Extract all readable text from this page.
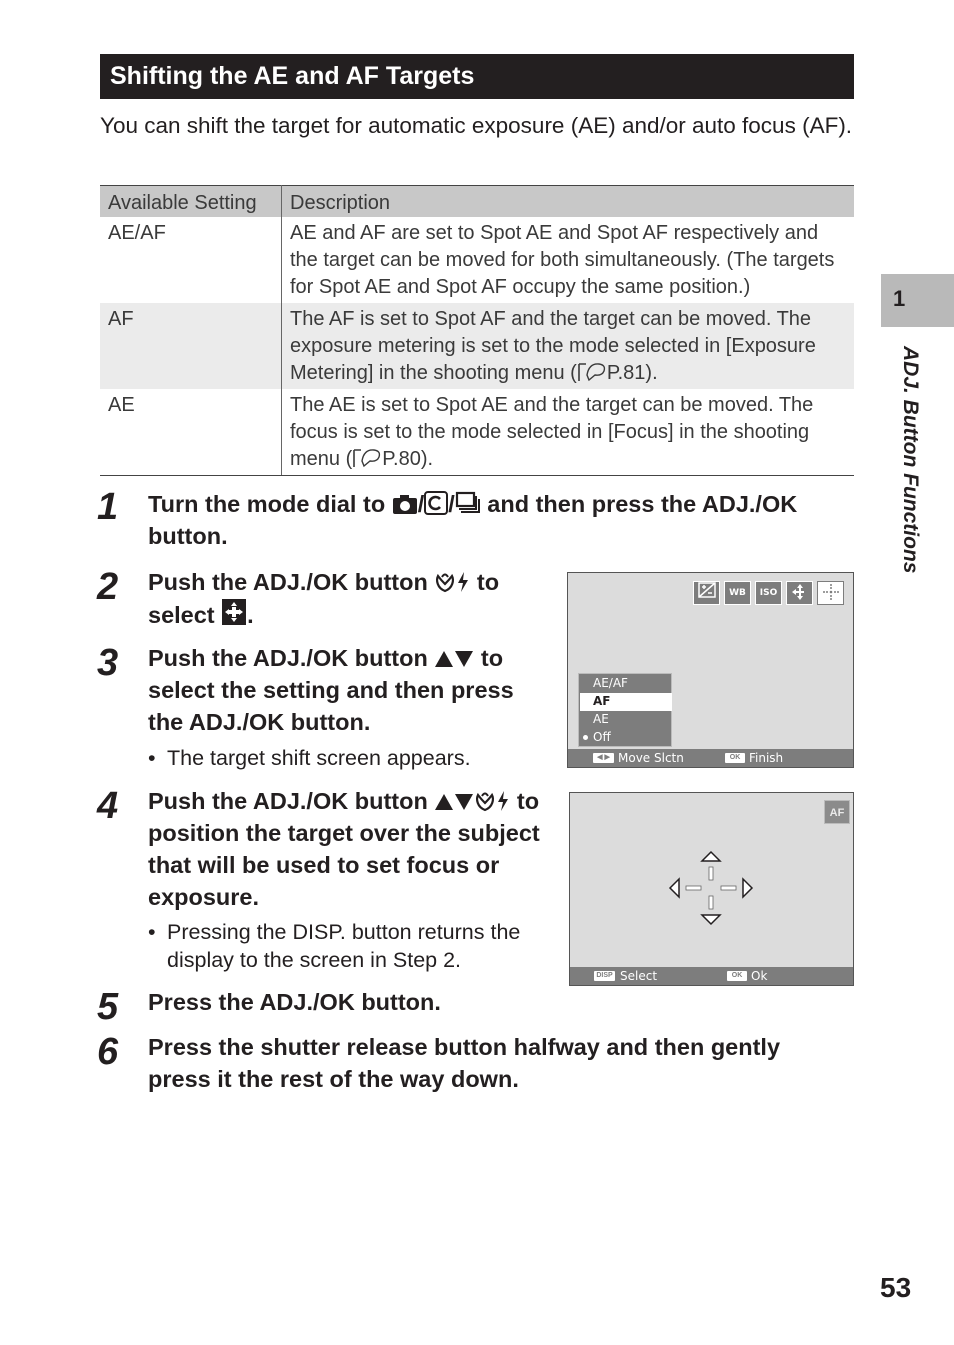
Shifting the AE and AF Targets
You can shift the target for automatic exposure (AE) and/or auto focus (AF).
Available Setting	Description
AE/AF	AE and AF are set to Spot AE and Spot AF respectively and the target can be moved for both simultaneously. (The targets for Spot AE and Spot AF occupy the same position.)
AF	The AF is set to Spot AF and the target can be moved. The exposure metering is set to the mode selected in [Exposure Metering] in the shooting menu ( P.81).
AE	The AE is set to Spot AE and the target can be moved. The focus is set to the mode selected in [Focus] in the shooting menu ( P.80).
1 Turn the mode dial to / / and then press the ADJ./OK button.
2 Push the ADJ./OK button  to select .
3 Push the ADJ./OK button  to select the setting and then press the ADJ./OK button.
• The target shift screen appears.
4 Push the ADJ./OK button	to position the target over the subject that will be used to set focus or exposure.
• Pressing the DISP. button returns the display to the screen in Step 2.
5 Press the ADJ./OK button.
6 Press the shutter release button halfway and then gently press it the rest of the way down.
WB	ISO
AE/AF
AF
AE
Off
◀ ▶ Move Slctn	OK Finish
AF
DISP Select	OK Ok
1
ADJ. Button Functions
53
